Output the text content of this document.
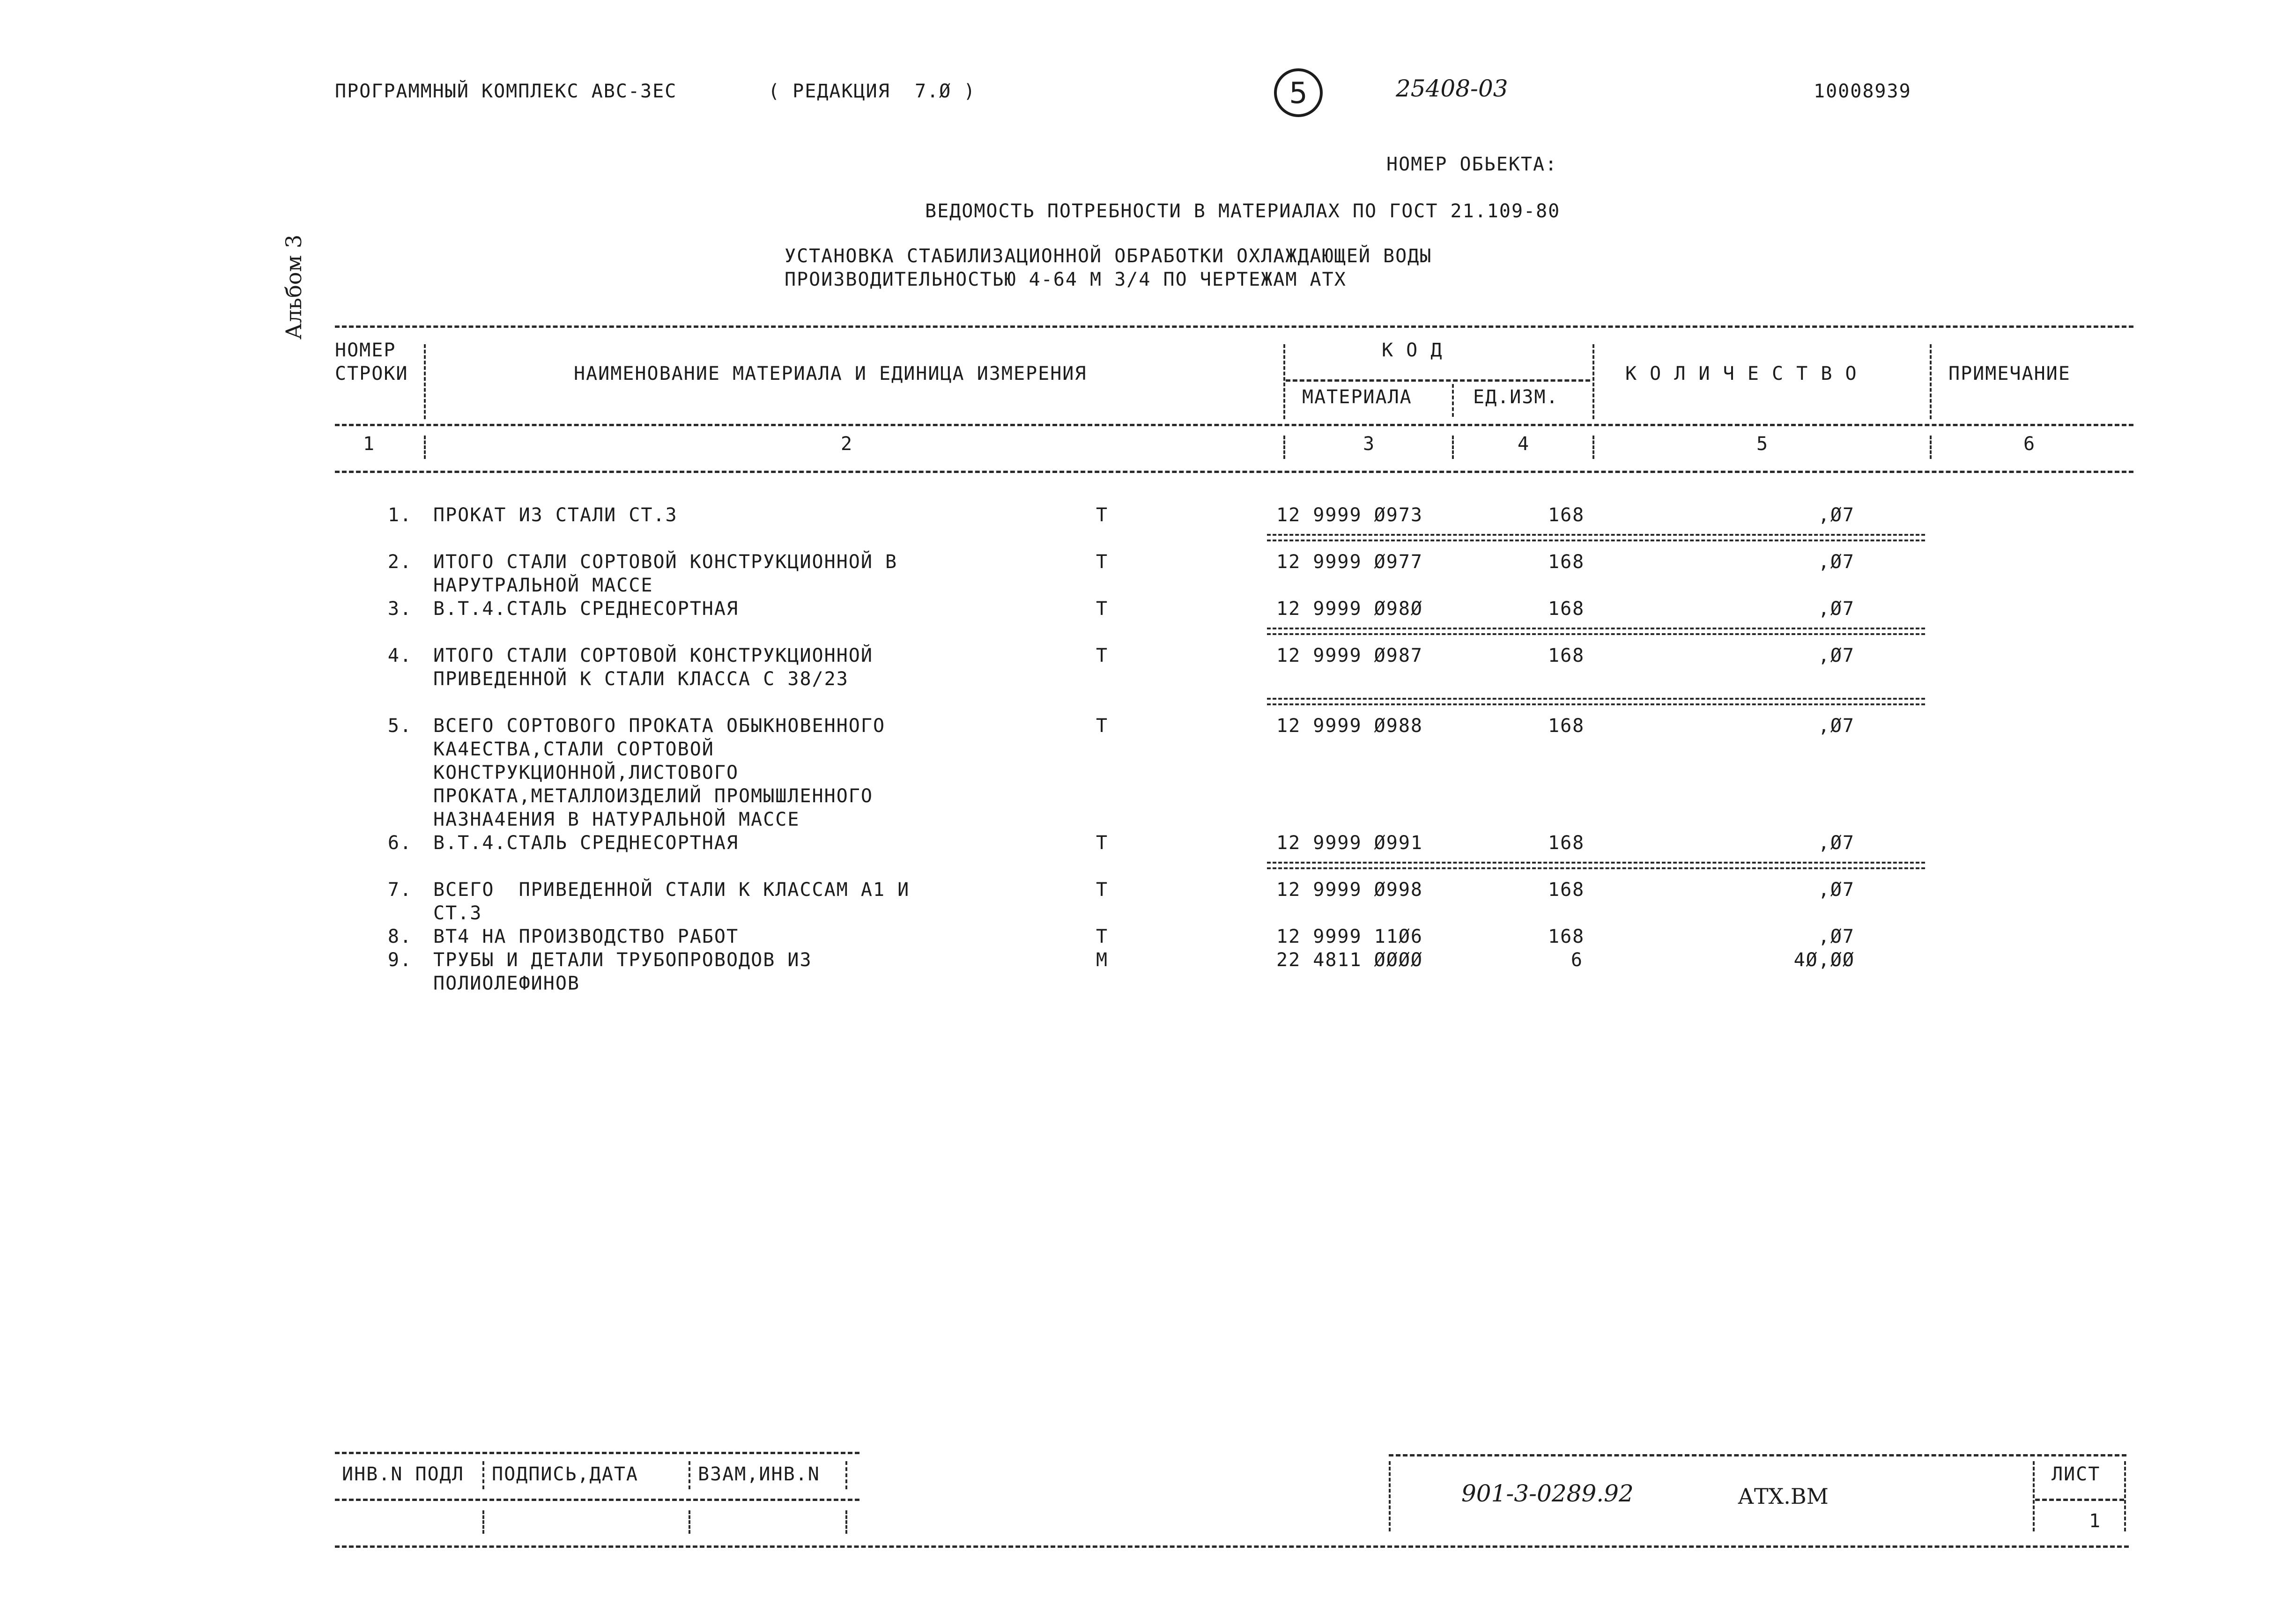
ПРОГРАММНЫЙ КОМПЛЕКС АВС-3ЕС	( РЕДАКЦИЯ  7.Ø )	5	25408-03	10008939
Альбом 3
НОМЕР ОБЬЕКТА:
ВЕДОМОСТЬ ПОТРЕБНОСТИ В МАТЕРИАЛАХ ПО ГОСТ 21.109-80
УСТАНОВКА СТАБИЛИЗАЦИОННОЙ ОБРАБОТКИ ОХЛАЖДАЮЩЕЙ ВОДЫ
ПРОИЗВОДИТЕЛЬНОСТЬЮ 4-64 М 3/4 ПО ЧЕРТЕЖАМ АТХ
НОМЕР
СТРОКИ	НАИМЕНОВАНИЕ МАТЕРИАЛА И ЕДИНИЦА ИЗМЕРЕНИЯ
К О Д
МАТЕРИАЛА	ЕД.ИЗМ.
К О Л И Ч Е С Т В О	ПРИМЕЧАНИЕ
1	2	3	4	5	6
1. ПРОКАТ ИЗ СТАЛИ СТ.3	Т	12 9999 Ø973	168	,Ø7
2. ИТОГО СТАЛИ СОРТОВОЙ КОНСТРУКЦИОННОЙ В
НАРУТРАЛЬНОЙ МАССЕ
Т	12 9999 Ø977	168	,Ø7
3. В.Т.4.СТАЛЬ СРЕДНЕСОРТНАЯ	Т	12 9999 Ø98Ø	168	,Ø7
4. ИТОГО СТАЛИ СОРТОВОЙ КОНСТРУКЦИОННОЙ
ПРИВЕДЕННОЙ К СТАЛИ КЛАССА С 38/23
Т	12 9999 Ø987	168	,Ø7
5. ВСЕГО СОРТОВОГО ПРОКАТА ОБЫКНОВЕННОГО
КА4ЕСТВА,СТАЛИ СОРТОВОЙ
КОНСТРУКЦИОННОЙ,ЛИСТОВОГО
ПРОКАТА,МЕТАЛЛОИЗДЕЛИЙ ПРОМЫШЛЕННОГО
НАЗНА4ЕНИЯ В НАТУРАЛЬНОЙ МАССЕ
Т	12 9999 Ø988	168	,Ø7
6. В.Т.4.СТАЛЬ СРЕДНЕСОРТНАЯ	Т	12 9999 Ø991	168	,Ø7
7. ВСЕГО  ПРИВЕДЕННОЙ СТАЛИ К КЛАССАМ А1 И
СТ.3
Т	12 9999 Ø998	168	,Ø7
8. ВТ4 НА ПРОИЗВОДСТВО РАБОТ	Т	12 9999 11Ø6	168	,Ø7
9. ТРУБЫ И ДЕТАЛИ ТРУБОПРОВОДОВ ИЗ
ПОЛИОЛЕФИНОВ
М	22 4811 ØØØØ	6	4Ø,ØØ
ИНВ.N ПОДЛ ПОДПИСЬ,ДАТА	ВЗАМ,ИНВ.N
901-3-0289.92	АТХ.ВМ
ЛИСТ
1
